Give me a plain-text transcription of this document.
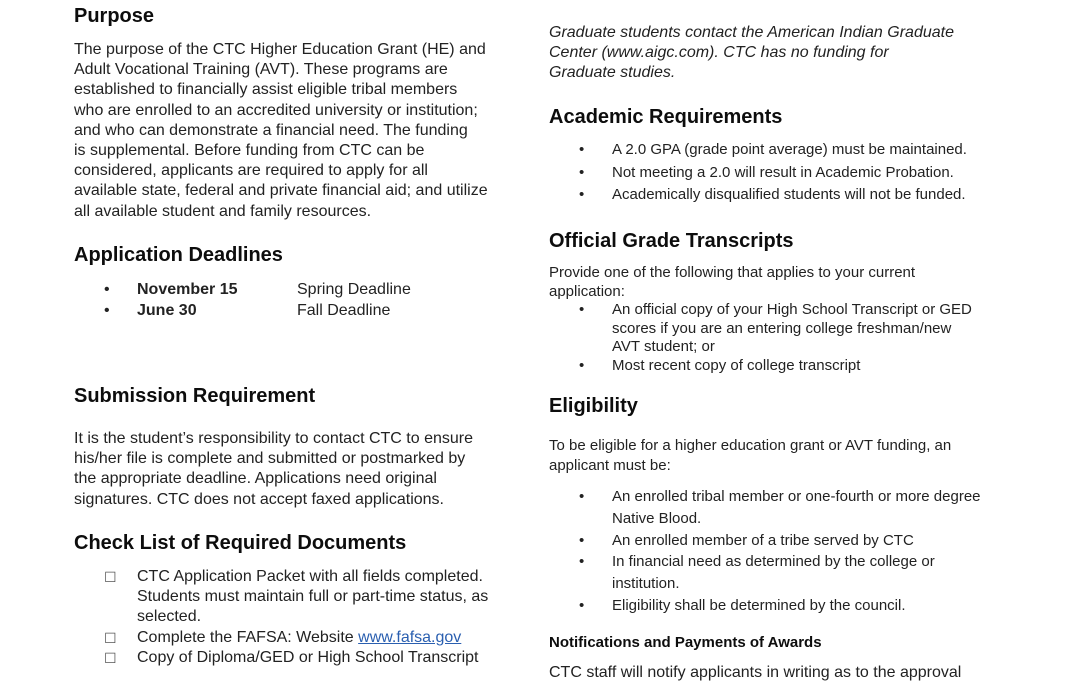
Purpose

The purpose of the CTC Higher Education Grant (HE) and

Adult Vocational Training (AVT). These programs are

established to financially assist eligible tribal members

who are enrolled to an accredited university or institution;

and who can demonstrate a financial need. The funding

is supplemental. Before funding from CTC can be

considered, applicants are required to apply for all

available state, federal and private financial aid; and utilize

all available student and family resources.

Application Deadlines
• November 15	Spring Deadline
• June 30	Fall Deadline
Submission Requirement

It is the student’s responsibility to contact CTC to ensure

his/her file is complete and submitted or postmarked by

the appropriate deadline. Applications need original

signatures. CTC does not accept faxed applications.

Check List of Required Documents
☐ CTC Application Packet with all fields completed.

Students must maintain full or part-time status, as

selected.

☐ Complete the FAFSA: Website www.fafsa.gov
☐ Copy of Diploma/GED or High School Transcript

Graduate students contact the American Indian Graduate

Center (www.aigc.com). CTC has no funding for

Graduate studies.

Academic Requirements
• A 2.0 GPA (grade point average) must be maintained.
• Not meeting a 2.0 will result in Academic Probation.
• Academically disqualified students will not be funded.
Official Grade Transcripts

Provide one of the following that applies to your current

application:

• An official copy of your High School Transcript or GED

scores if you are an entering college freshman/new

AVT student; or

• Most recent copy of college transcript

Eligibility

To be eligible for a higher education grant or AVT funding, an

applicant must be:

• An enrolled tribal member or one-fourth or more degree

Native Blood.

• An enrolled member of a tribe served by CTC

• In financial need as determined by the college or

institution.

• Eligibility shall be determined by the council.

Notifications and Payments of Awards

CTC staff will notify applicants in writing as to the approval
